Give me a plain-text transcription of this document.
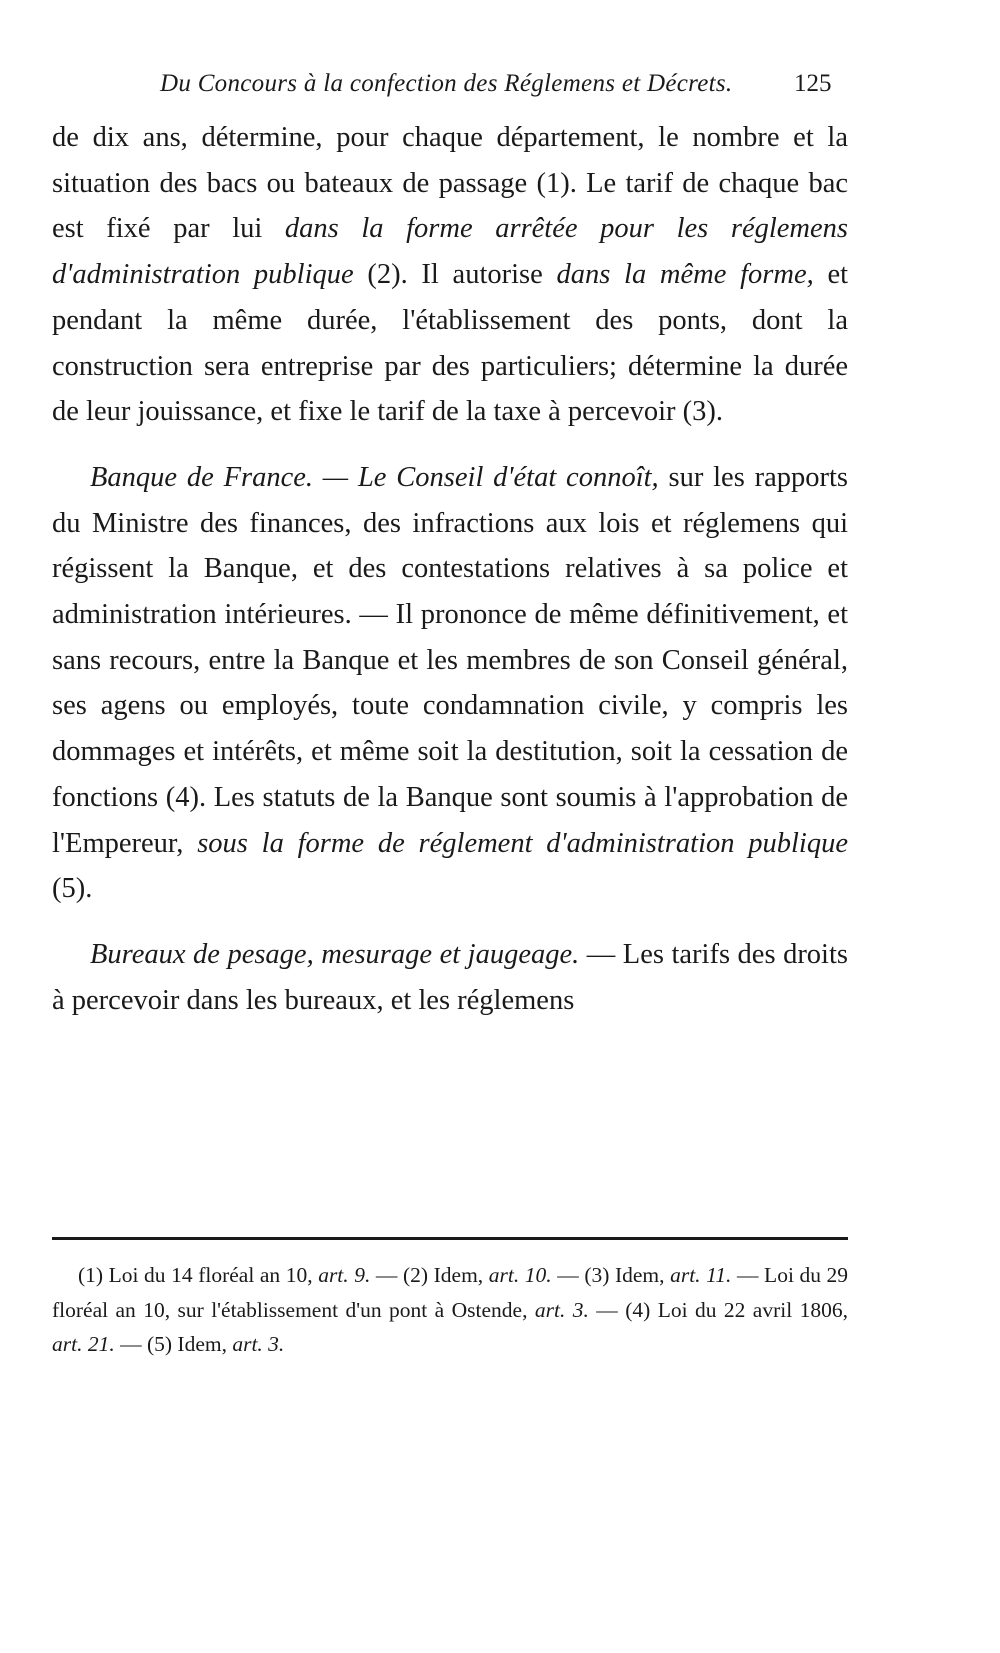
Du Concours à la confection des Réglemens et Décrets. 125

de dix ans, détermine, pour chaque département, le nombre et la situation des bacs ou bateaux de passage (1). Le tarif de chaque bac est fixé par lui dans la forme arrêtée pour les réglemens d'administration publique (2). Il autorise dans la même forme, et pendant la même durée, l'établissement des ponts, dont la construction sera entreprise par des particuliers; détermine la durée de leur jouissance, et fixe le tarif de la taxe à percevoir (3).

Banque de France. — Le Conseil d'état connoît, sur les rapports du Ministre des finances, des infractions aux lois et réglemens qui régissent la Banque, et des contestations relatives à sa police et administration intérieures. — Il prononce de même définitivement, et sans recours, entre la Banque et les membres de son Conseil général, ses agens ou employés, toute condamnation civile, y compris les dommages et intérêts, et même soit la destitution, soit la cessation de fonctions (4). Les statuts de la Banque sont soumis à l'approbation de l'Empereur, sous la forme de réglement d'administration publique (5).

Bureaux de pesage, mesurage et jaugeage. — Les tarifs des droits à percevoir dans les bureaux, et les réglemens

(1) Loi du 14 floréal an 10, art. 9. — (2) Idem, art. 10. — (3) Idem, art. 11. — Loi du 29 floréal an 10, sur l'établissement d'un pont à Ostende, art. 3. — (4) Loi du 22 avril 1806, art. 21. — (5) Idem, art. 3.
